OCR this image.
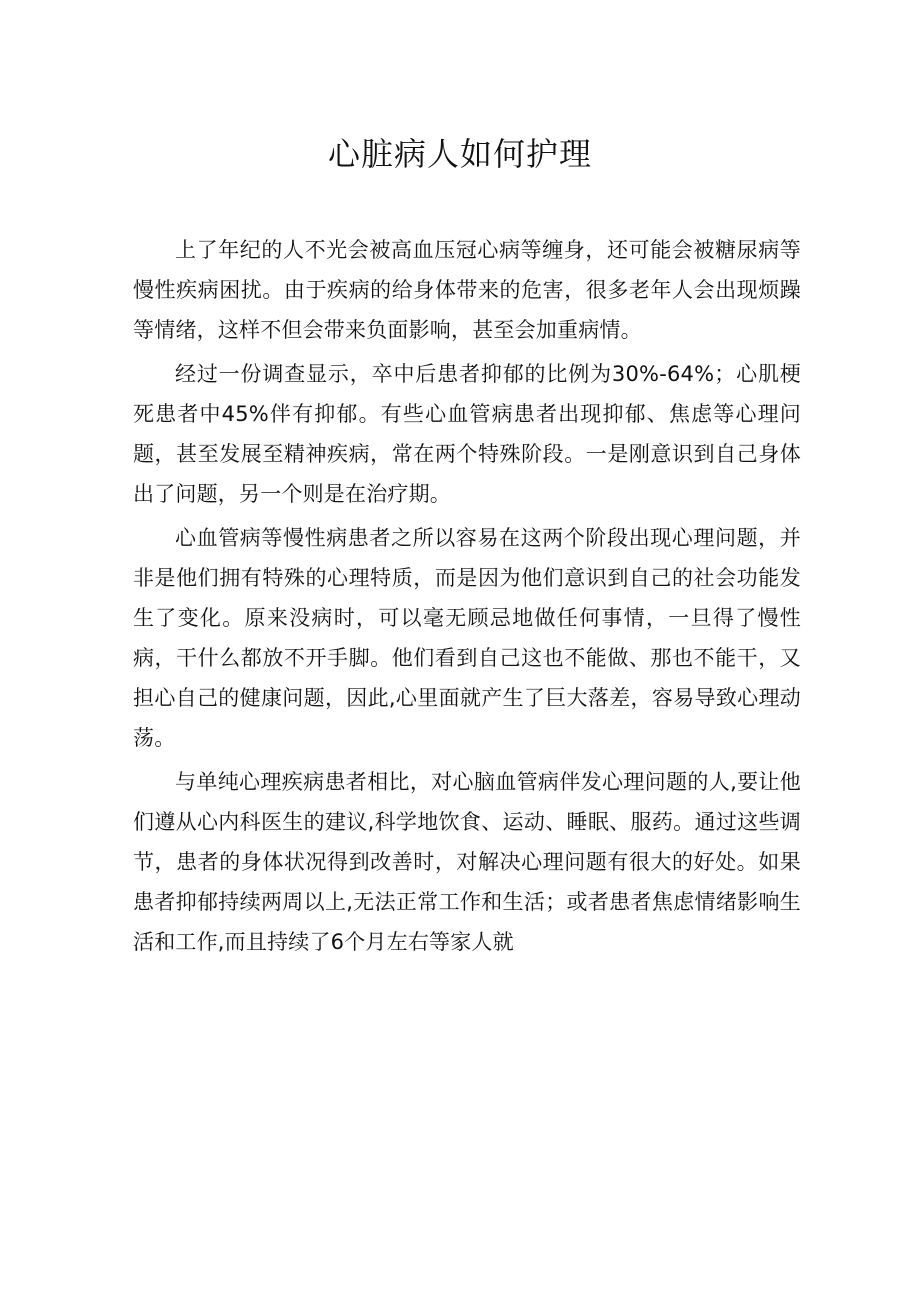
心脏病人如何护理

上了年纪的人不光会被高血压冠心病等缠身，还可能会被糖尿病等慢性疾病困扰。由于疾病的给身体带来的危害，很多老年人会出现烦躁等情绪，这样不但会带来负面影响，甚至会加重病情。

经过一份调查显示，卒中后患者抑郁的比例为30%-64%；心肌梗死患者中45%伴有抑郁。有些心血管病患者出现抑郁、焦虑等心理问题，甚至发展至精神疾病，常在两个特殊阶段。一是刚意识到自己身体出了问题，另一个则是在治疗期。

心血管病等慢性病患者之所以容易在这两个阶段出现心理问题，并非是他们拥有特殊的心理特质，而是因为他们意识到自己的社会功能发生了变化。原来没病时，可以毫无顾忌地做任何事情，一旦得了慢性病，干什么都放不开手脚。他们看到自己这也不能做、那也不能干，又担心自己的健康问题，因此,心里面就产生了巨大落差，容易导致心理动荡。

与单纯心理疾病患者相比，对心脑血管病伴发心理问题的人,要让他们遵从心内科医生的建议,科学地饮食、运动、睡眠、服药。通过这些调节，患者的身体状况得到改善时，对解决心理问题有很大的好处。如果患者抑郁持续两周以上,无法正常工作和生活；或者患者焦虑情绪影响生活和工作,而且持续了6个月左右等家人就
